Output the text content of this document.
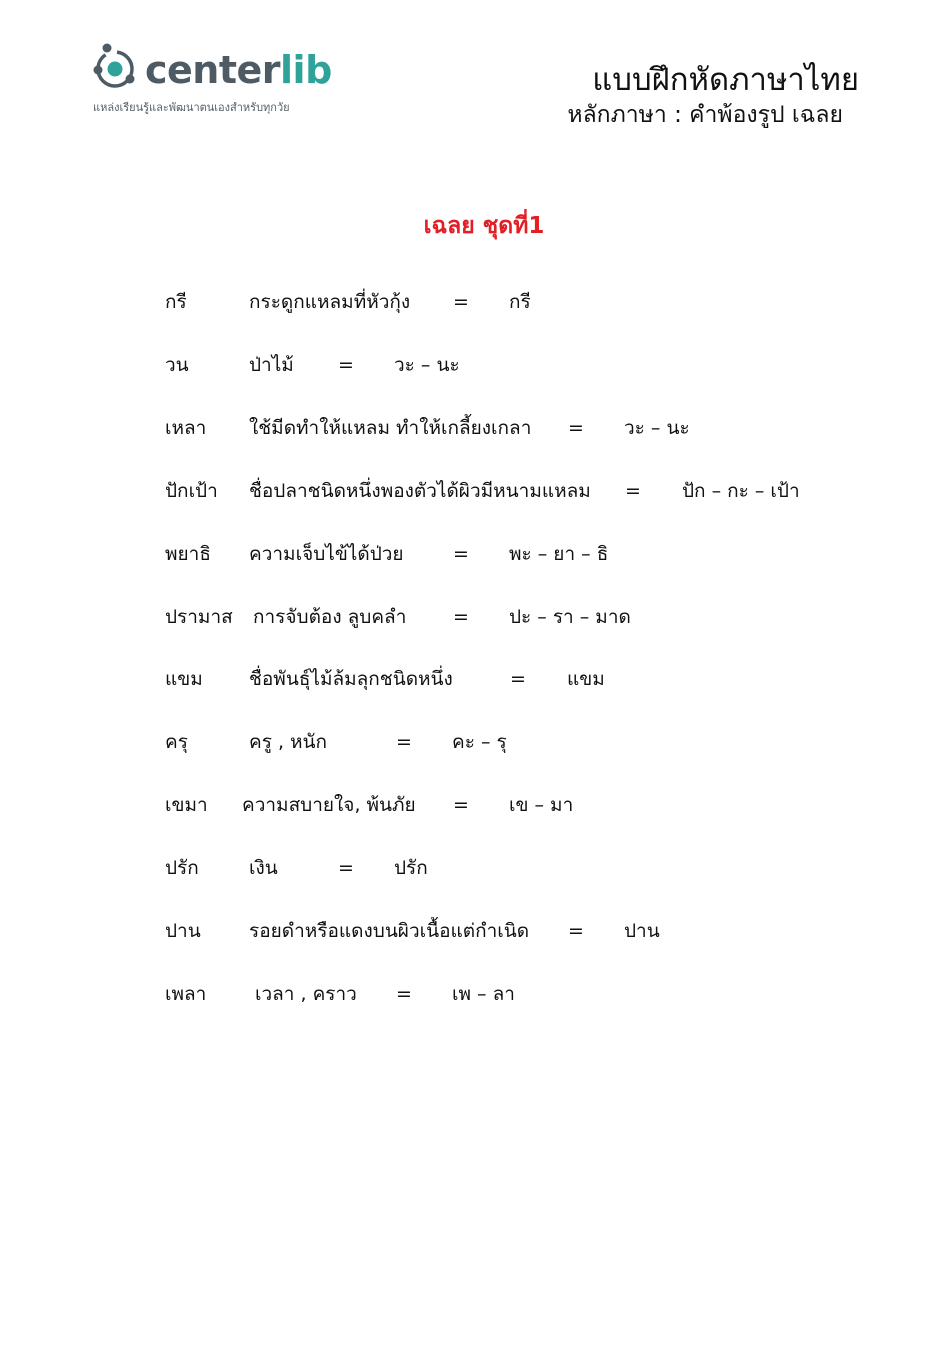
centerlib
แหล่งเรียนรู้และพัฒนาตนเองสำหรับทุกวัย
แบบฝึกหัดภาษาไทย
หลักภาษา : คำพ้องรูป เฉลย
เฉลย ชุดที่1
กรี	กระดูกแหลมที่หัวกุ้ง = กรี
วน	ป่าไม้ = วะ – นะ
เหลา ใช้มีดทำให้แหลม ทำให้เกลี้ยงเกลา = วะ – นะ
ปักเป้า ชื่อปลาชนิดหนึ่งพองตัวได้ผิวมีหนามแหลม = ปัก – กะ – เป้า
พยาธิ ความเจ็บไข้ได้ป่วย	= พะ – ยา – ธิ
ปรามาส การจับต้อง ลูบคลำ = ปะ – รา – มาด
แขม ชื่อพันธุ์ไม้ล้มลุกชนิดหนึ่ง	= แขม
ครุ	ครู , หนัก	= คะ – รุ
เขมา ความสบายใจ, พ้นภัย = เข – มา
ปรัก	เงิน	= ปรัก
ปาน	รอยดำหรือแดงบนผิวเนื้อแต่กำเนิด = ปาน
เพลา	เวลา , คราว = เพ – ลา
